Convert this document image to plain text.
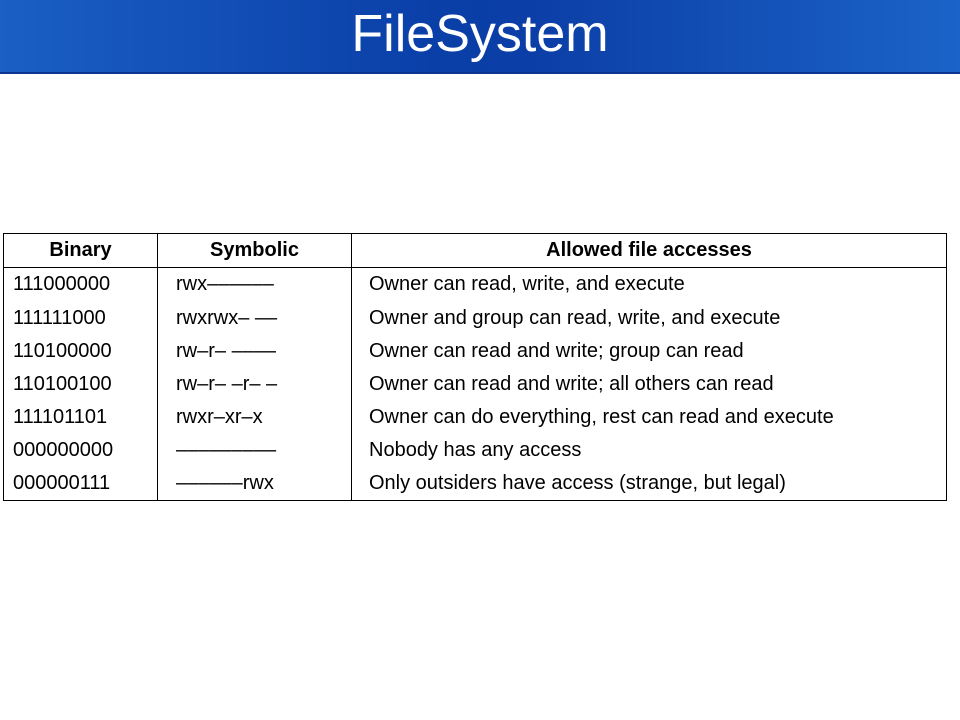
FileSystem
Binary	Symbolic	Allowed file accesses
111000000	rwx––––––	Owner can read, write, and execute
111111000	rwxrwx– ––	Owner and group can read, write, and execute
110100000	rw–r– ––––	Owner can read and write; group can read
110100100	rw–r– –r– –	Owner can read and write; all others can read
111101101	rwxr–xr–x	Owner can do everything, rest can read and execute
000000000	–––––––––	Nobody has any access
000000111	––––––rwx	Only outsiders have access (strange, but legal)
